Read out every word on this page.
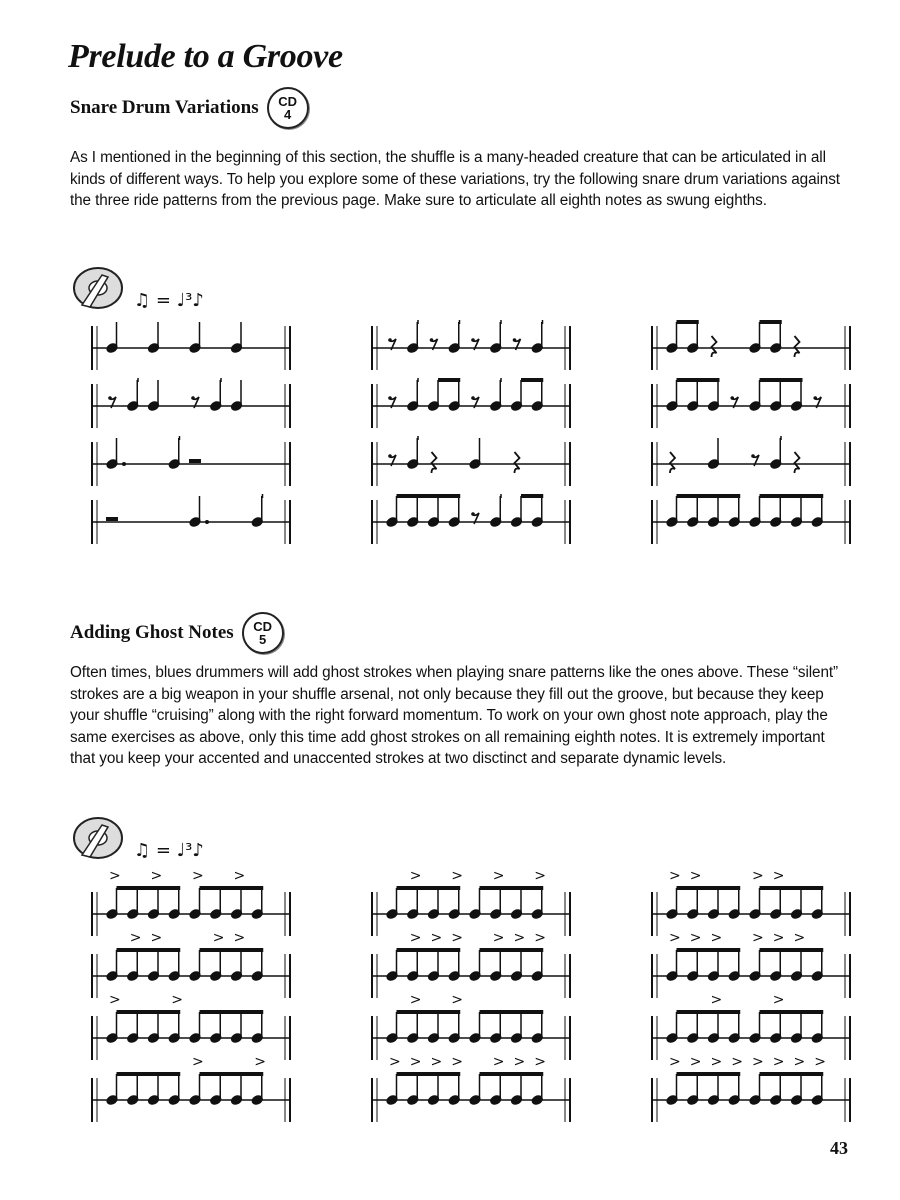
Prelude to a Groove
Snare Drum Variations CD
4

As I mentioned in the beginning of this section, the shuffle is a many-headed creature that can be articulated in all kinds of different ways. To help you explore some of these variations, try the following snare drum variations against the three ride patterns from the previous page. Make sure to articulate all eighth notes as swung eighths.

♫ = ♩³♪
Adding Ghost Notes CD
5

Often times, blues drummers will add ghost strokes when playing snare patterns like the ones above. These “silent” strokes are a big weapon in your shuffle arsenal, not only because they fill out the groove, but because they keep your shuffle “cruising” along with the right forward momentum. To work on your own ghost note approach, play the same exercises as above, only this time add ghost strokes on all remaining eighth notes. It is extremely important that you keep your accented and unaccented strokes at two disctinct and separate dynamic levels.

♫ = ♩³♪
> > > >	> > > >	> >	> >
> >	> >	> > > > > >	> > > > > >
>	>	> >	>	>
>	>	> > > > > > >	> > > > > > > >
43
